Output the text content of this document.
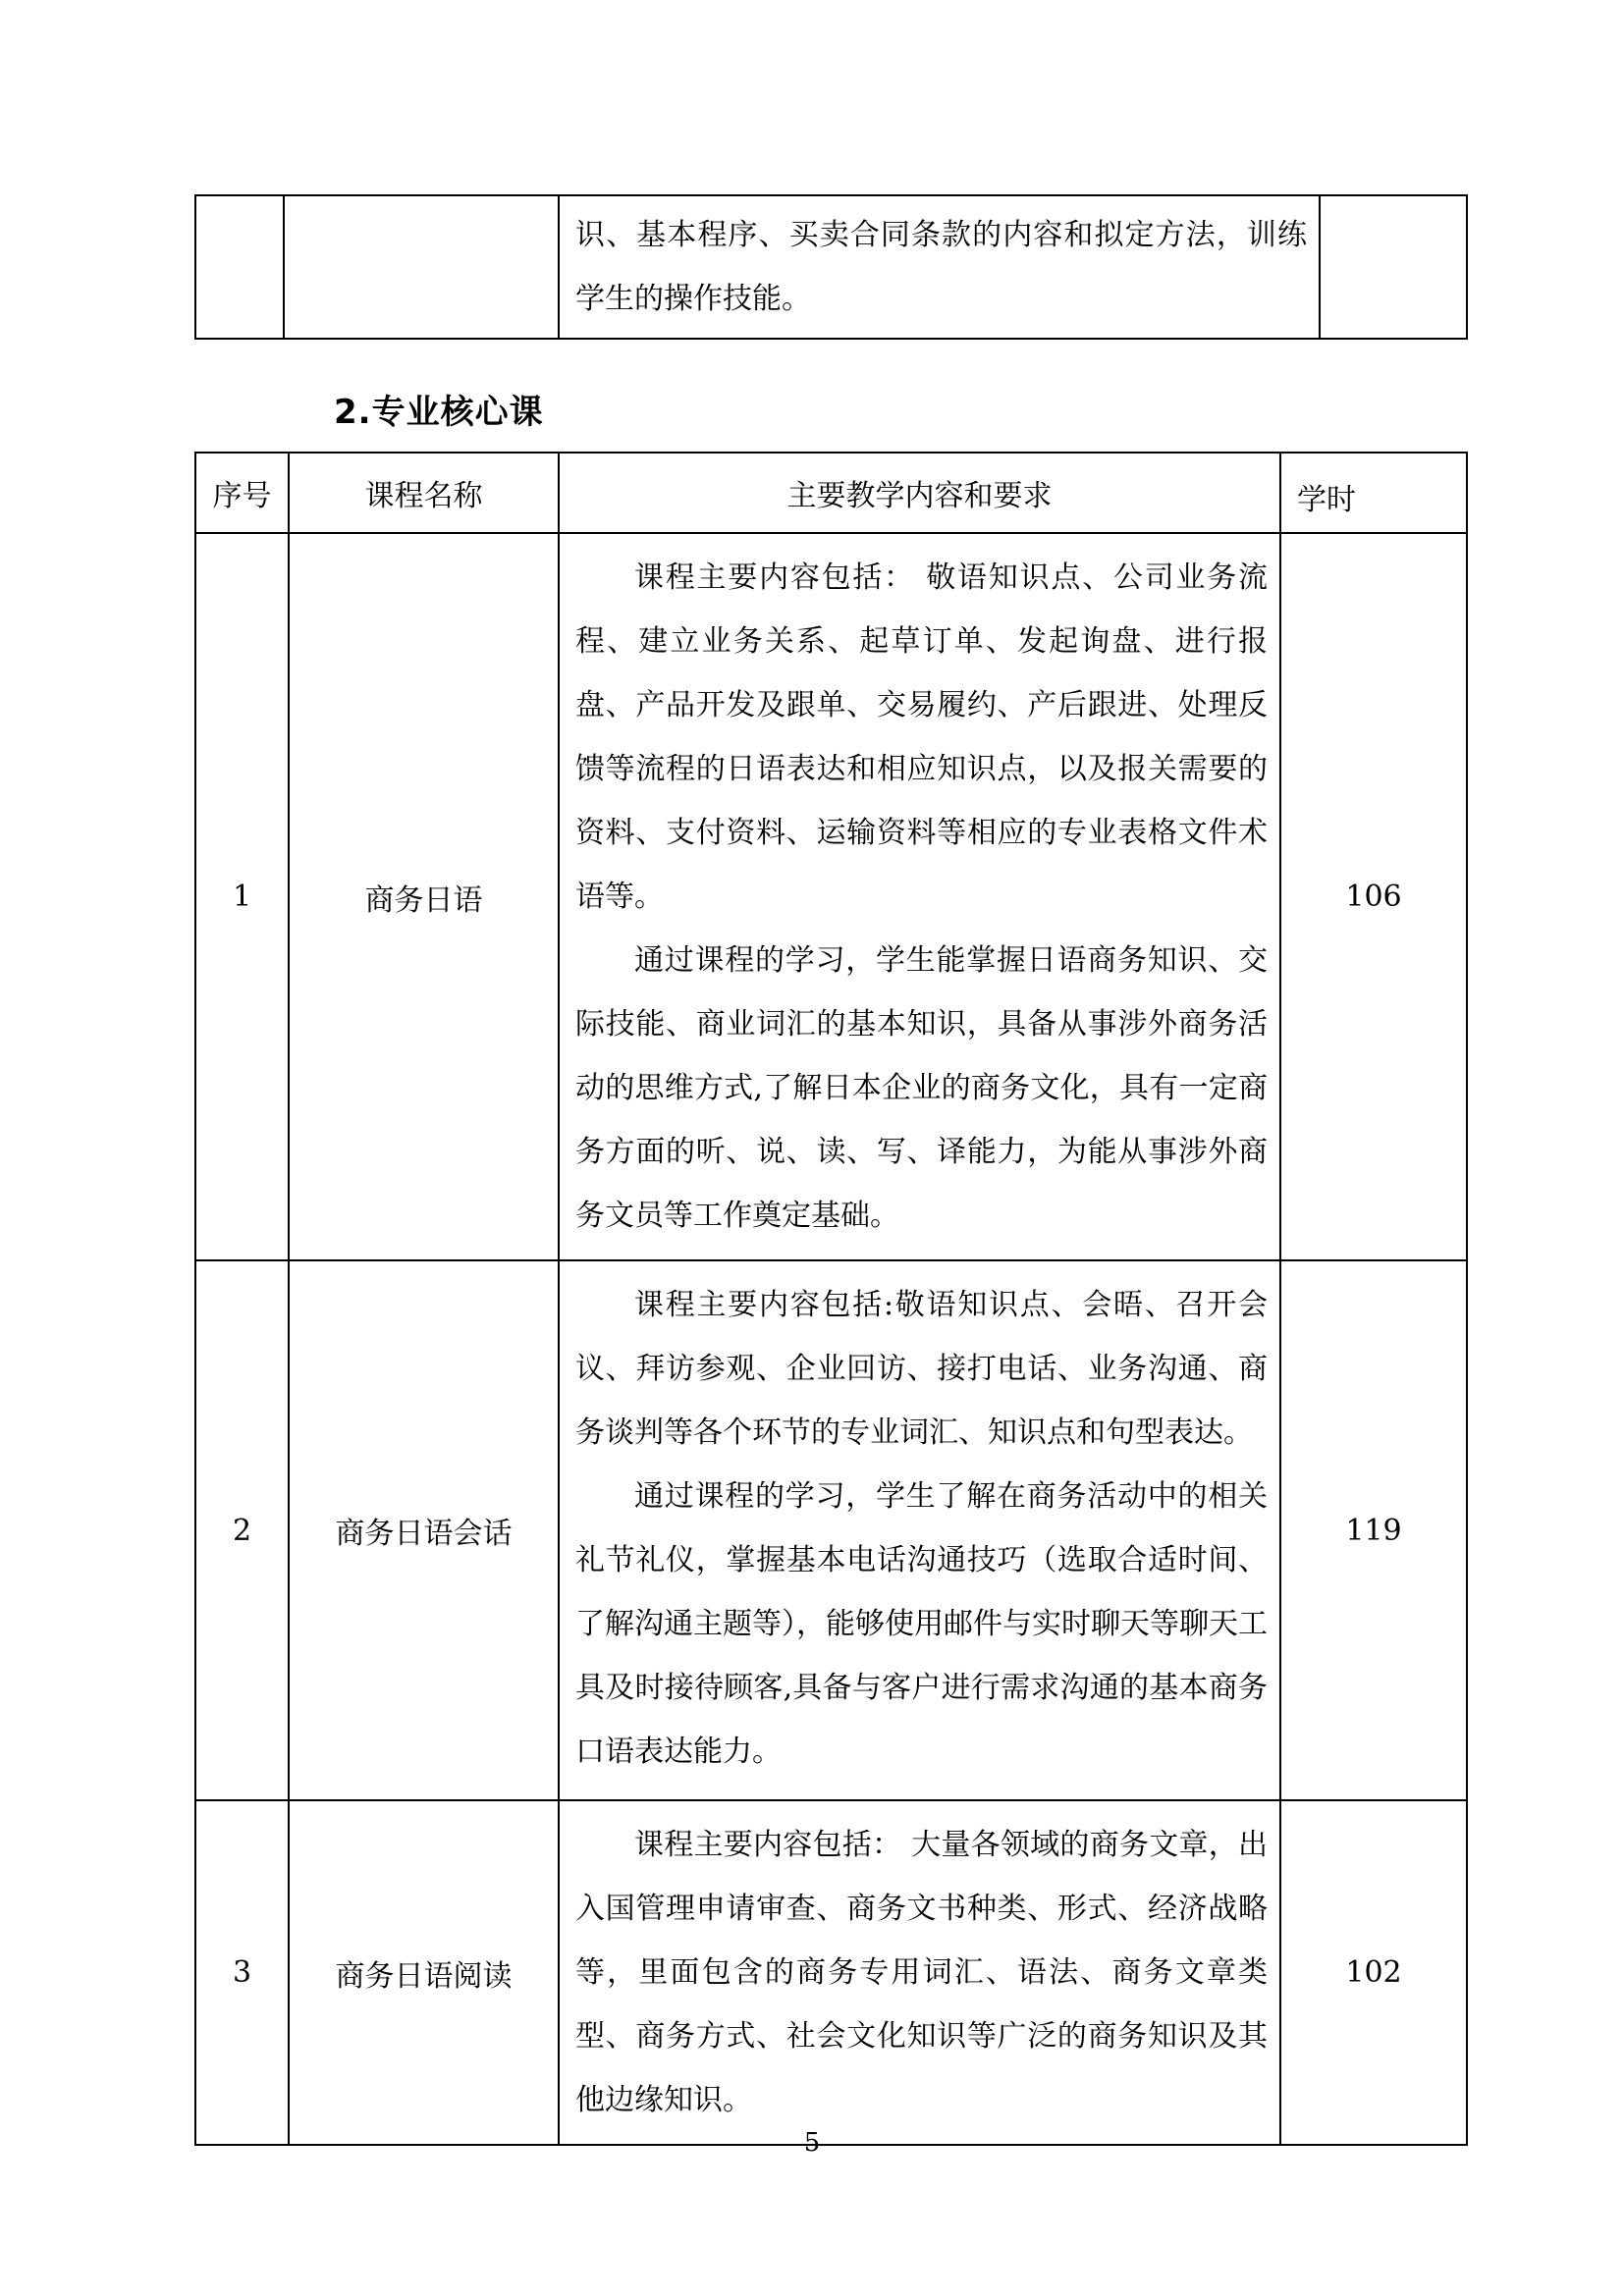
		识、基本程序、买卖合同条款的内容和拟定方法，训练学生的操作技能。	
2.专业核心课
序号	课程名称	主要教学内容和要求	学时
1	商务日语	课程主要内容包括： 敬语知识点、公司业务流程、建立业务关系、起草订单、发起询盘、进行报盘、产品开发及跟单、交易履约、产后跟进、处理反馈等流程的日语表达和相应知识点，以及报关需要的资料、支付资料、运输资料等相应的专业表格文件术语等。
通过课程的学习，学生能掌握日语商务知识、交际技能、商业词汇的基本知识，具备从事涉外商务活动的思维方式,了解日本企业的商务文化，具有一定商务方面的听、说、读、写、译能力，为能从事涉外商务文员等工作奠定基础。	106
2	商务日语会话	课程主要内容包括:敬语知识点、会晤、召开会议、拜访参观、企业回访、接打电话、业务沟通、商务谈判等各个环节的专业词汇、知识点和句型表达。
通过课程的学习，学生了解在商务活动中的相关礼节礼仪，掌握基本电话沟通技巧（选取合适时间、了解沟通主题等），能够使用邮件与实时聊天等聊天工具及时接待顾客,具备与客户进行需求沟通的基本商务口语表达能力。	119
3	商务日语阅读	课程主要内容包括： 大量各领域的商务文章，出入国管理申请审查、商务文书种类、形式、经济战略等，里面包含的商务专用词汇、语法、商务文章类型、商务方式、社会文化知识等广泛的商务知识及其他边缘知识。	102
5
